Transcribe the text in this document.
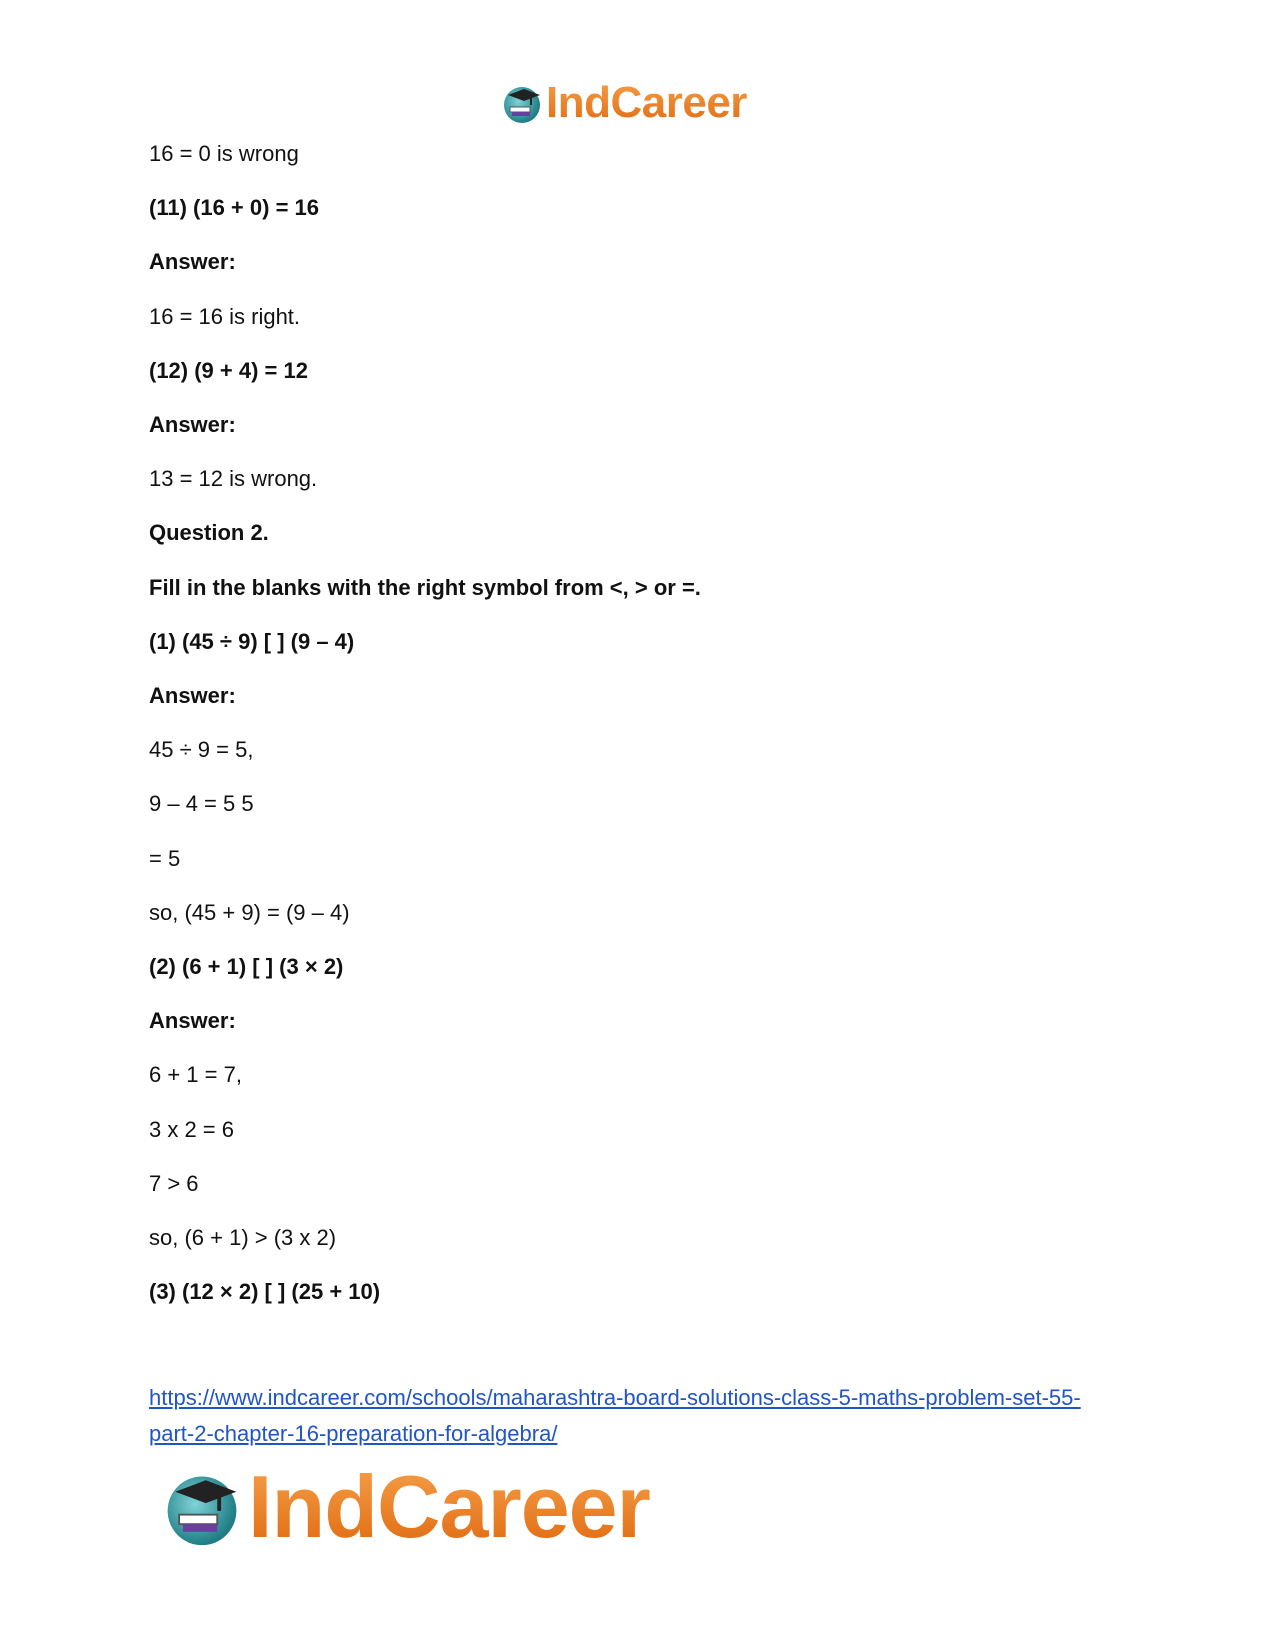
IndCareer
16 = 0 is wrong
(11) (16 + 0) = 16
Answer:
16 = 16 is right.
(12) (9 + 4) = 12
Answer:
13 = 12 is wrong.
Question 2.
Fill in the blanks with the right symbol from <, > or =.
(1) (45 ÷ 9) [ ] (9 – 4)
Answer:
45 ÷ 9 = 5,
9 – 4 = 5 5
= 5
so, (45 + 9) = (9 – 4)
(2) (6 + 1) [ ] (3 × 2)
Answer:
6 + 1 = 7,
3 x 2 = 6
7 > 6
so, (6 + 1) > (3 x 2)
(3) (12 × 2) [ ] (25 + 10)
https://www.indcareer.com/schools/maharashtra-board-solutions-class-5-maths-problem-set-55-
part-2-chapter-16-preparation-for-algebra/
IndCareer
